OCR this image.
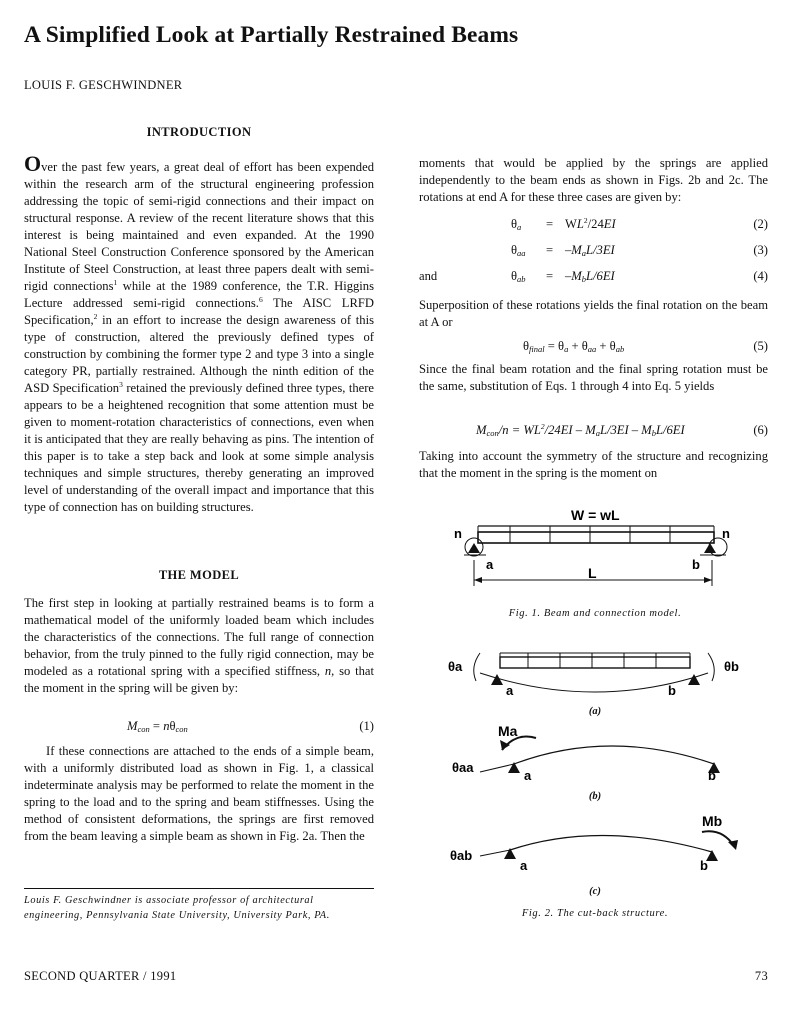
A Simplified Look at Partially Restrained Beams
LOUIS F. GESCHWINDNER
INTRODUCTION

Over the past few years, a great deal of effort has been expended within the research arm of the structural engineering profession addressing the topic of semi-rigid connections and their impact on structural response. A review of the recent literature shows that this interest is being maintained and even expanded. At the 1990 National Steel Construction Conference sponsored by the American Institute of Steel Construction, at least three papers dealt with semi-rigid connections$^1$ while at the 1989 conference, the T.R. Higgins Lecture addressed semi-rigid connections.$^6$ The AISC LRFD Specification,$^2$ in an effort to increase the design awareness of this type of construction, altered the previously defined types of construction by combining the former type 2 and type 3 into a single category PR, partially restrained. Although the ninth edition of the ASD Specification$^3$ retained the previously defined three types, there appears to be a heightened recognition that some attention must be given to moment-rotation characteristics of connections, even when it is anticipated that they are really behaving as pins. The intention of this paper is to take a step back and look at some simple analysis techniques and simple structures, thereby generating an improved level of understanding of the overall impact and importance that this type of connection has on building structures.

THE MODEL

The first step in looking at partially restrained beams is to form a mathematical model of the uniformly loaded beam which includes the characteristics of the connections. The full range of connection behavior, from the truly pinned to the fully rigid connection, may be modeled as a rotational spring with a specified stiffness, n, so that the moment in the spring will be given by:

$M_{con} = n\theta_{con}$	(1)

If these connections are attached to the ends of a simple beam, with a uniformly distributed load as shown in Fig. 1, a classical indeterminate analysis may be performed to relate the moment in the spring to the load and to the spring and beam stiffnesses. Using the method of consistent deformations, the springs are first removed from the beam leaving a simple beam as shown in Fig. 2a. Then the

Louis F. Geschwindner is associate professor of architectural engineering, Pennsylvania State University, University Park, PA.

moments that would be applied by the springs are applied independently to the beam ends as shown in Figs. 2b and 2c. The rotations at end A for these three cases are given by:

$\theta_a = WL^2/24EI$	(2)
$\theta_{aa} = -M_aL/3EI$	(3)
and	$\theta_{ab} = -M_bL/6EI$	(4)

Superposition of these rotations yields the final rotation on the beam at A or

$\theta_{final} = \theta_a + \theta_{aa} + \theta_{ab}$	(5)

Since the final beam rotation and the final spring rotation must be the same, substitution of Eqs. 1 through 4 into Eq. 5 yields

$M_{con}/n = WL^2/24EI - M_aL/3EI - M_bL/6EI$	(6)

Taking into account the symmetry of the structure and recognizing that the moment in the spring is the moment on

W = wL
n	n
a	b
L
Fig. 1. Beam and connection model.
θa	θb
a	b
(a)
Ma
θaa
a	b
(b)
Mb
θab
a	b
(c)
Fig. 2. The cut-back structure.
SECOND QUARTER / 1991	73
